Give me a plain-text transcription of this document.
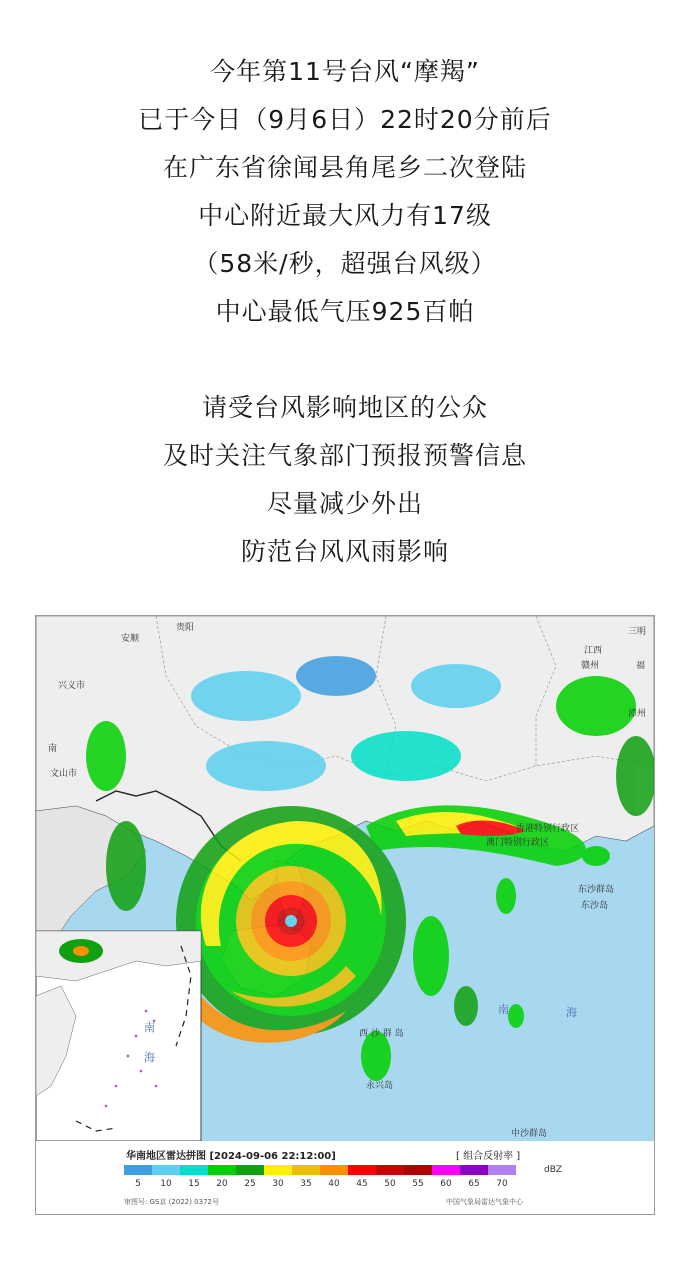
今年第11号台风“摩羯”
已于今日（9月6日）22时20分前后
在广东省徐闻县角尾乡二次登陆
中心附近最大风力有17级
（58米/秒，超强台风级）
中心最低气压925百帕
请受台风影响地区的公众
及时关注气象部门预报预警信息
尽量减少外出
防范台风风雨影响
南
海
安顺
贵阳
兴义市
南
文山市
江西
赣州	福
三明
漳州
香港特别行政区
澳门特别行政区
东沙群岛
东沙岛
西 沙 群 岛
永兴岛
中沙群岛
南	海
华南地区雷达拼图 [2024-09-06 22:12:00]	[ 组合反射率 ]
dBZ
5 10 15 20 25 30 35 40 45 50 55 60 65 70
审图号: GS京 (2022) 0372号	中国气象局雷达气象中心
